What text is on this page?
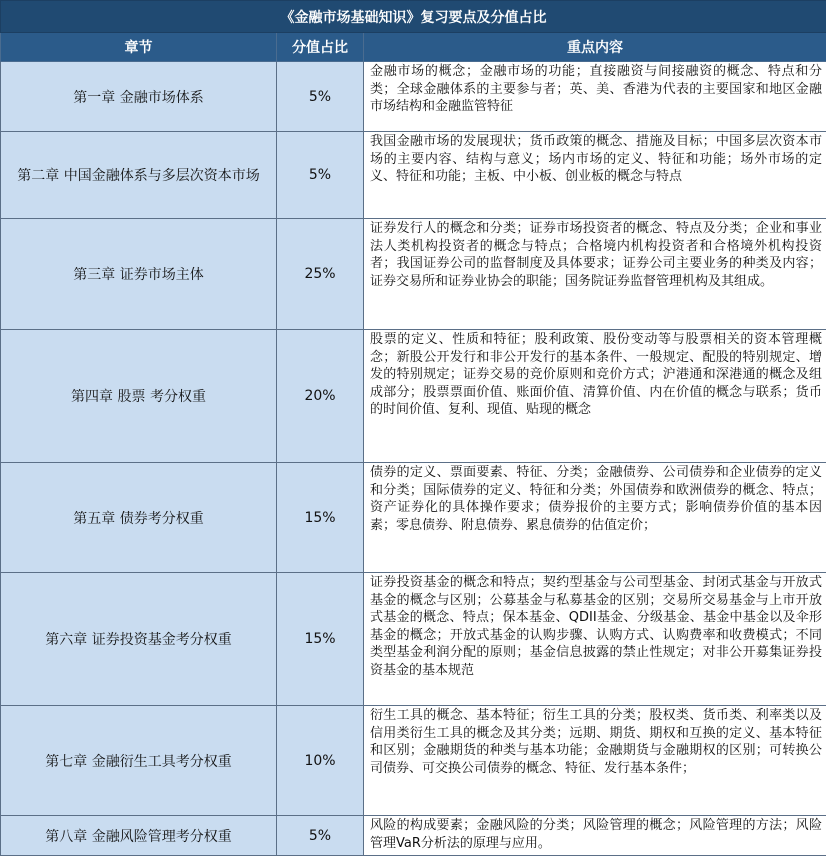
《金融市场基础知识》复习要点及分值占比		
章节	分值占比	重点内容
第一章 金融市场体系	5%	金融市场的概念；金融市场的功能；直接融资与间接融资的概念、特点和分类；全球金融体系的主要参与者；英、美、香港为代表的主要国家和地区金融市场结构和金融监管特征
第二章 中国金融体系与多层次资本市场	5%	我国金融市场的发展现状；货币政策的概念、措施及目标；中国多层次资本市场的主要内容、结构与意义；场内市场的定义、特征和功能；场外市场的定义、特征和功能；主板、中小板、创业板的概念与特点
第三章 证券市场主体	25%	证券发行人的概念和分类；证券市场投资者的概念、特点及分类；企业和事业法人类机构投资者的概念与特点；合格境内机构投资者和合格境外机构投资者；我国证券公司的监督制度及具体要求；证券公司主要业务的种类及内容；证券交易所和证券业协会的职能；国务院证券监督管理机构及其组成。
第四章 股票 考分权重	20%	股票的定义、性质和特征；股利政策、股份变动等与股票相关的资本管理概念；新股公开发行和非公开发行的基本条件、一般规定、配股的特别规定、增发的特别规定；证券交易的竞价原则和竞价方式；沪港通和深港通的概念及组成部分；股票票面价值、账面价值、清算价值、内在价值的概念与联系；货币的时间价值、复利、现值、贴现的概念
第五章 债券考分权重	15%	债券的定义、票面要素、特征、分类；金融债券、公司债券和企业债券的定义和分类；国际债券的定义、特征和分类；外国债券和欧洲债券的概念、特点；资产证券化的具体操作要求；债券报价的主要方式；影响债券价值的基本因素；零息债券、附息债券、累息债券的估值定价；
第六章 证券投资基金考分权重	15%	证券投资基金的概念和特点；契约型基金与公司型基金、封闭式基金与开放式基金的概念与区别；公募基金与私募基金的区别；交易所交易基金与上市开放式基金的概念、特点；保本基金、QDII基金、分级基金、基金中基金以及伞形基金的概念；开放式基金的认购步骤、认购方式、认购费率和收费模式；不同类型基金利润分配的原则；基金信息披露的禁止性规定；对非公开募集证券投资基金的基本规范
第七章 金融衍生工具考分权重	10%	衍生工具的概念、基本特征；衍生工具的分类；股权类、货币类、利率类以及信用类衍生工具的概念及其分类；远期、期货、期权和互换的定义、基本特征和区别；金融期货的种类与基本功能；金融期货与金融期权的区别；可转换公司债券、可交换公司债券的概念、特征、发行基本条件；
第八章 金融风险管理考分权重	5%	风险的构成要素；金融风险的分类；风险管理的概念；风险管理的方法；风险管理VaR分析法的原理与应用。
